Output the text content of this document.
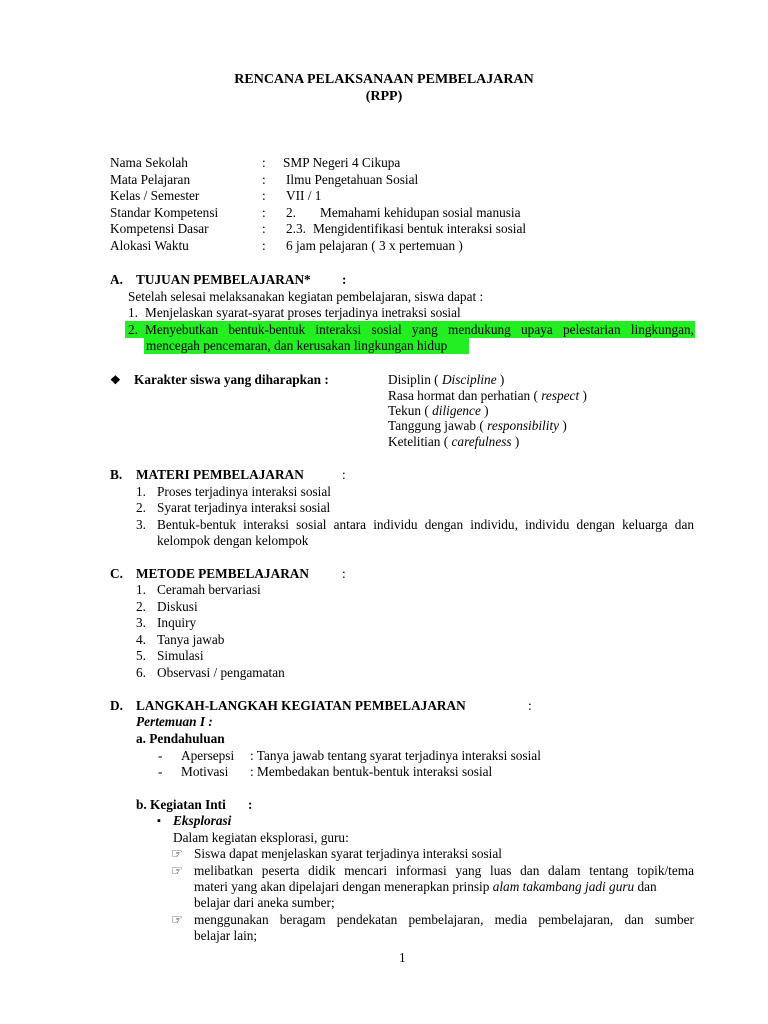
RENCANA PELAKSANAAN PEMBELAJARAN
(RPP)
Nama Sekolah	: SMP Negeri 4 Cikupa
Mata Pelajaran	: Ilmu Pengetahuan Sosial
Kelas / Semester	: VII / 1
Standar Kompetensi	: 2. Memahami kehidupan sosial manusia
Kompetensi Dasar	: 2.3. Mengidentifikasi bentuk interaksi sosial
Alokasi Waktu	: 6 jam pelajaran ( 3 x pertemuan )
A. TUJUAN PEMBELAJARAN* :
Setelah selesai melaksanakan kegiatan pembelajaran, siswa dapat :
1. Menjelaskan syarat-syarat proses terjadinya inetraksi sosial
2. Menyebutkan bentuk-bentuk interaksi sosial yang mendukung upaya pelestarian lingkungan,
mencegah pencemaran, dan kerusakan lingkungan hidup
❖ Karakter siswa yang diharapkan :	Disiplin ( Discipline )
Rasa hormat dan perhatian ( respect )
Tekun ( diligence )
Tanggung jawab ( responsibility )
Ketelitian ( carefulness )
B. MATERI PEMBELAJARAN	:
1. Proses terjadinya interaksi sosial
2. Syarat terjadinya interaksi sosial
3. Bentuk-bentuk interaksi sosial antara individu dengan individu, individu dengan keluarga dan
kelompok dengan kelompok
C. METODE PEMBELAJARAN :
1. Ceramah bervariasi
2. Diskusi
3. Inquiry
4. Tanya jawab
5. Simulasi
6. Observasi / pengamatan
D. LANGKAH-LANGKAH KEGIATAN PEMBELAJARAN	:
Pertemuan I :
a. Pendahuluan
- Apersepsi : Tanya jawab tentang syarat terjadinya interaksi sosial
- Motivasi : Membedakan bentuk-bentuk interaksi sosial
b. Kegiatan Inti :
▪ Eksplorasi
Dalam kegiatan eksplorasi, guru:
☞ Siswa dapat menjelaskan syarat terjadinya interaksi sosial
☞ melibatkan peserta didik mencari informasi yang luas dan dalam tentang topik/tema
materi yang akan dipelajari dengan menerapkan prinsip alam takambang jadi guru dan
belajar dari aneka sumber;
☞ menggunakan beragam pendekatan pembelajaran, media pembelajaran, dan sumber
belajar lain;
1
